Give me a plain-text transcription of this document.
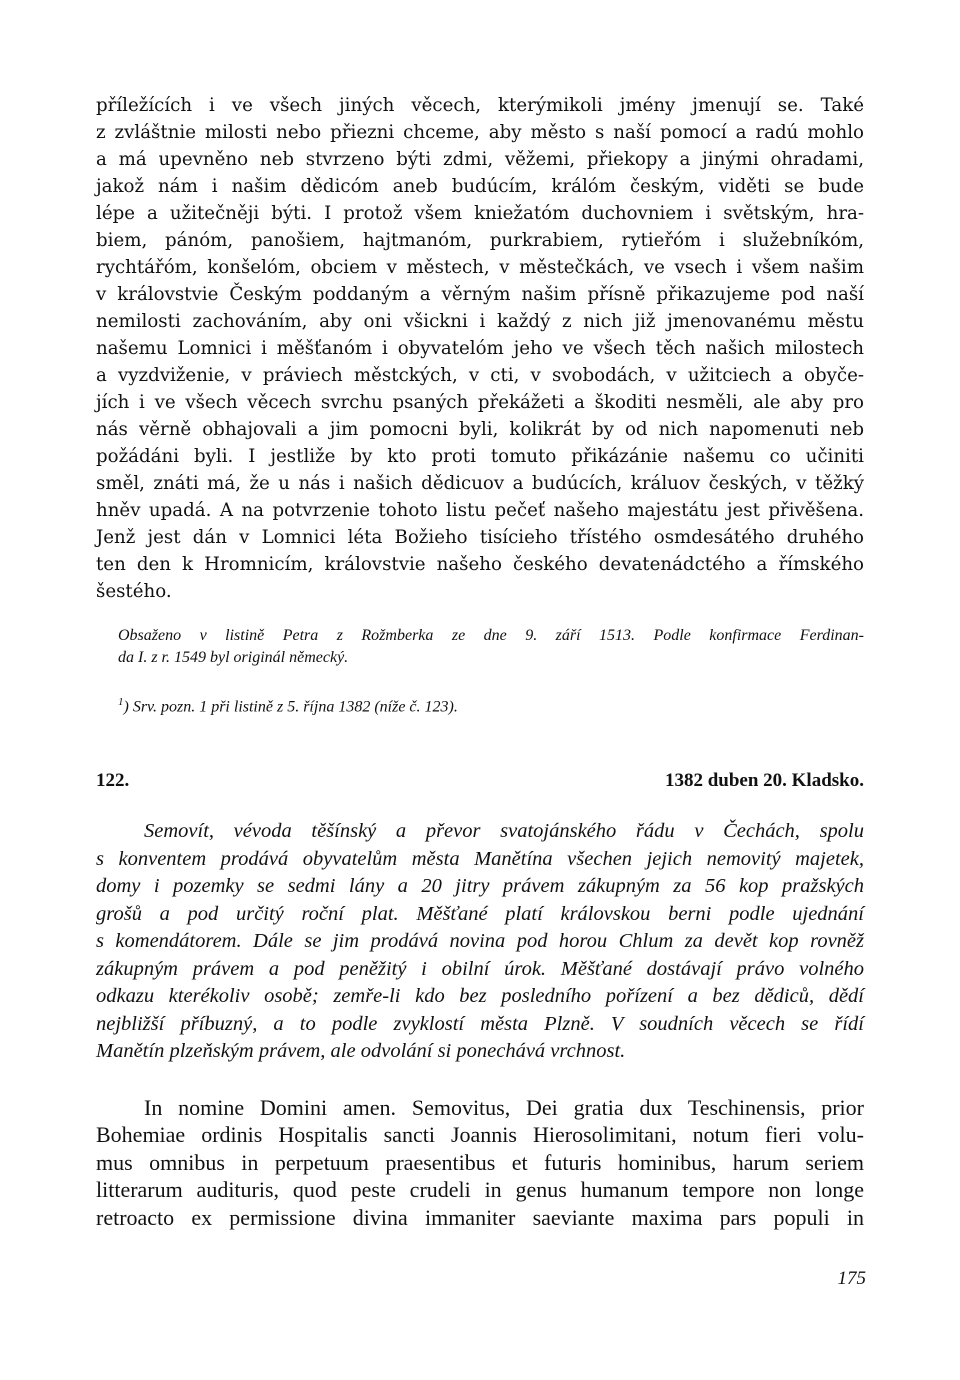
příležících i ve všech jiných věcech, kterýmikoli jmény jmenují se. Také
z zvláštnie milosti nebo přiezni chceme, aby město s naší pomocí a radú mohlo
a má upevněno neb stvrzeno býti zdmi, věžemi, přiekopy a jinými ohradami,
jakož nám i našim dědicóm aneb budúcím, králóm českým, viděti se bude
lépe a užitečněji býti. I protož všem kniežatóm duchovniem i světským, hra-
biem, pánóm, panošiem, hajtmanóm, purkrabiem, rytieřóm i služebníkóm,
rychtářóm, konšelóm, obciem v městech, v městečkách, ve vsech i všem našim
v královstvie Českým poddaným a věrným našim přísně přikazujeme pod naší
nemilosti zachováním, aby oni všickni i každý z nich již jmenovanému městu
našemu Lomnici i měšťanóm i obyvatelóm jeho ve všech těch našich milostech
a vyzdviženie, v práviech městckých, v cti, v svobodách, v užitciech a obyče-
jích i ve všech věcech svrchu psaných překážeti a škoditi nesměli, ale aby pro
nás věrně obhajovali a jim pomocni byli, kolikrát by od nich napomenuti neb
požádáni byli. I jestliže by kto proti tomuto přikázánie našemu co učiniti
směl, znáti má, že u nás i našich dědicuov a budúcích, králuov českých, v těžký
hněv upadá. A na potvrzenie tohoto listu pečeť našeho majestátu jest přivěšena.
Jenž jest dán v Lomnici léta Božieho tisícieho třístého osmdesátého druhého
ten den k Hromnicím, královstvie našeho českého devatenádctého a římského
šestého.
Obsaženo v listině Petra z Rožmberka ze dne 9. září 1513. Podle konfirmace Ferdinan-
da I. z r. 1549 byl originál německý.
$^1$) Srv. pozn. 1 při listině z 5. října 1382 (níže č. 123).
122.	1382 duben 20. Kladsko.
Semovít, vévoda těšínský a převor svatojánského řádu v Čechách, spolu
s konventem prodává obyvatelům města Manětína všechen jejich nemovitý majetek,
domy i pozemky se sedmi lány a 20 jitry právem zákupným za 56 kop pražských
grošů a pod určitý roční plat. Měšťané platí královskou berni podle ujednání
s komendátorem. Dále se jim prodává novina pod horou Chlum za devět kop rovněž
zákupným právem a pod peněžitý i obilní úrok. Měšťané dostávají právo volného
odkazu kterékoliv osobě; zemře-li kdo bez posledního pořízení a bez dědiců, dědí
nejbližší příbuzný, a to podle zvyklostí města Plzně. V soudních věcech se řídí
Manětín plzeňským právem, ale odvolání si ponechává vrchnost.
In nomine Domini amen. Semovitus, Dei gratia dux Teschinensis, prior
Bohemiae ordinis Hospitalis sancti Joannis Hierosolimitani, notum fieri volu-
mus omnibus in perpetuum praesentibus et futuris hominibus, harum seriem
litterarum audituris, quod peste crudeli in genus humanum tempore non longe
retroacto ex permissione divina immaniter saeviante maxima pars populi in
175
